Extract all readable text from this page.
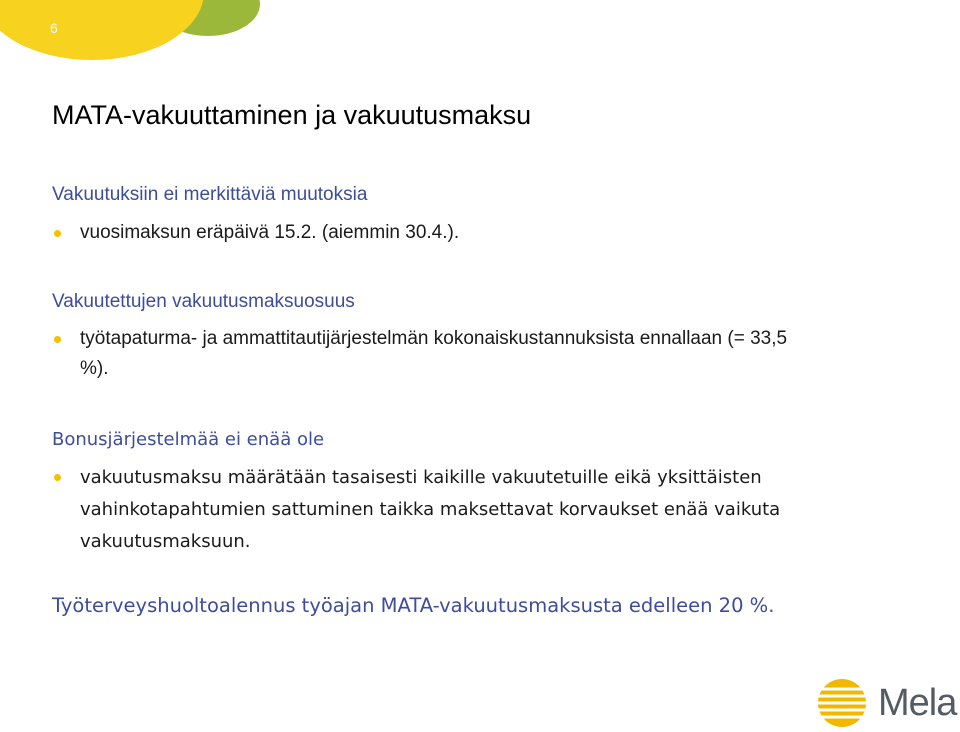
6
MATA-vakuuttaminen ja vakuutusmaksu
Vakuutuksiin ei merkittäviä muutoksia
vuosimaksun eräpäivä 15.2. (aiemmin 30.4.).
Vakuutettujen vakuutusmaksuosuus
työtapaturma- ja ammattitautijärjestelmän kokonaiskustannuksista ennallaan (= 33,5 %).
Bonusjärjestelmää ei enää ole
vakuutusmaksu määrätään tasaisesti kaikille vakuutetuille eikä yksittäisten vahinkotapahtumien sattuminen taikka maksettavat korvaukset enää vaikuta vakuutusmaksuun.
Työterveyshuoltoalennus työajan MATA-vakuutusmaksusta edelleen 20 %.
Mela
